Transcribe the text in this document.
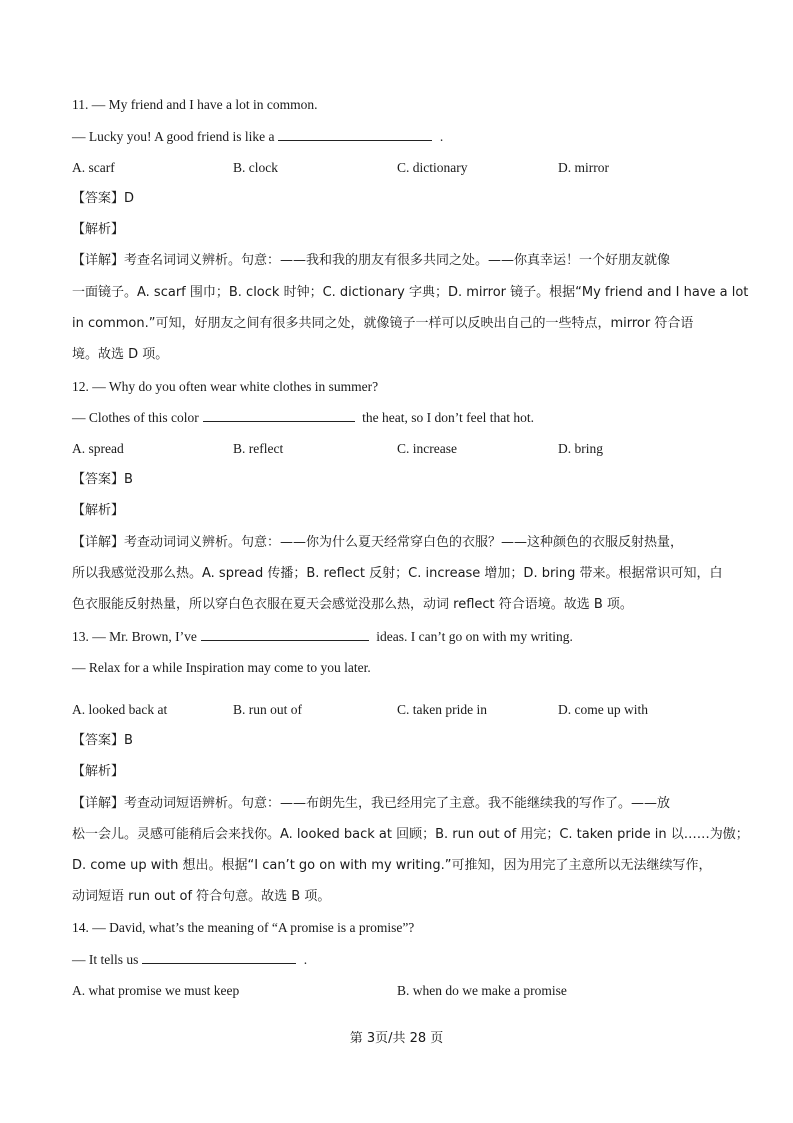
11. — My friend and I have a lot in common.
— Lucky you! A good friend is like a	.
A. scarf	B. clock	C. dictionary	D. mirror
【答案】D
【解析】
【详解】考查名词词义辨析。句意：——我和我的朋友有很多共同之处。——你真幸运！一个好朋友就像
一面镜子。A. scarf 围巾；B. clock 时钟；C. dictionary 字典；D. mirror 镜子。根据“My friend and I have a lot
in common.”可知，好朋友之间有很多共同之处，就像镜子一样可以反映出自己的一些特点，mirror 符合语
境。故选 D 项。
12. — Why do you often wear white clothes in summer?
— Clothes of this color	the heat, so I don’t feel that hot.
A. spread	B. reflect	C. increase	D. bring
【答案】B
【解析】
【详解】考查动词词义辨析。句意：——你为什么夏天经常穿白色的衣服？——这种颜色的衣服反射热量，
所以我感觉没那么热。A. spread 传播；B. reflect 反射；C. increase 增加；D. bring 带来。根据常识可知，白
色衣服能反射热量，所以穿白色衣服在夏天会感觉没那么热，动词 reflect 符合语境。故选 B 项。
13. — Mr. Brown, I’ve	ideas. I can’t go on with my writing.
— Relax for a while Inspiration may come to you later.
A. looked back at	B. run out of	C. taken pride in	D. come up with
【答案】B
【解析】
【详解】考查动词短语辨析。句意：——布朗先生，我已经用完了主意。我不能继续我的写作了。——放
松一会儿。灵感可能稍后会来找你。A. looked back at 回顾；B. run out of 用完；C. taken pride in 以……为傲；
D. come up with 想出。根据“I can’t go on with my writing.”可推知，因为用完了主意所以无法继续写作，
动词短语 run out of 符合句意。故选 B 项。
14. — David, what’s the meaning of “A promise is a promise”?
— It tells us	.
A. what promise we must keep	B. when do we make a promise
第 3页/共 28 页
